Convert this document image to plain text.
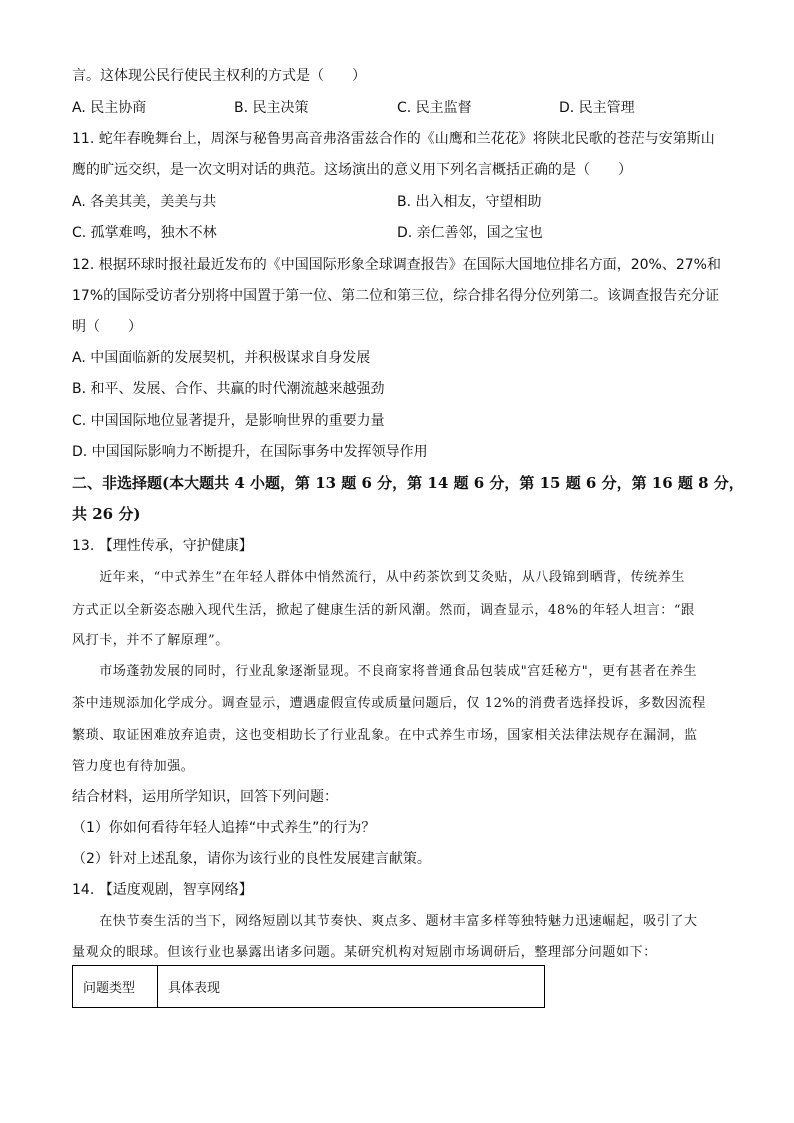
言。这体现公民行使民主权利的方式是（　　）
A. 民主协商	B. 民主决策	C. 民主监督	D. 民主管理
11. 蛇年春晚舞台上，周深与秘鲁男高音弗洛雷兹合作的《山鹰和兰花花》将陕北民歌的苍茫与安第斯山
鹰的旷远交织，是一次文明对话的典范。这场演出的意义用下列名言概括正确的是（　　）
A. 各美其美，美美与共	B. 出入相友，守望相助
C. 孤掌难鸣，独木不林	D. 亲仁善邻，国之宝也
12. 根据环球时报社最近发布的《中国国际形象全球调查报告》在国际大国地位排名方面，20%、27%和
17%的国际受访者分别将中国置于第一位、第二位和第三位，综合排名得分位列第二。该调查报告充分证
明（　　）
A. 中国面临新的发展契机，并积极谋求自身发展
B. 和平、发展、合作、共赢的时代潮流越来越强劲
C. 中国国际地位显著提升，是影响世界的重要力量
D. 中国国际影响力不断提升，在国际事务中发挥领导作用
二、非选择题(本大题共 4 小题，第 13 题 6 分，第 14 题 6 分，第 15 题 6 分，第 16 题 8 分，
共 26 分)
13. 【理性传承，守护健康】
　　近年来，“中式养生”在年轻人群体中悄然流行，从中药茶饮到艾灸贴，从八段锦到晒背，传统养生
方式正以全新姿态融入现代生活，掀起了健康生活的新风潮。然而，调查显示，48%的年轻人坦言：“跟
风打卡，并不了解原理”。
　　市场蓬勃发展的同时，行业乱象逐渐显现。不良商家将普通食品包装成"宫廷秘方"，更有甚者在养生
茶中违规添加化学成分。调查显示，遭遇虚假宣传或质量问题后，仅 12%的消费者选择投诉，多数因流程
繁琐、取证困难放弃追责，这也变相助长了行业乱象。在中式养生市场，国家相关法律法规存在漏洞，监
管力度也有待加强。
结合材料，运用所学知识，回答下列问题：
（1）你如何看待年轻人追捧“中式养生”的行为？
（2）针对上述乱象，请你为该行业的良性发展建言献策。
14. 【适度观剧，智享网络】
　　在快节奏生活的当下，网络短剧以其节奏快、爽点多、题材丰富多样等独特魅力迅速崛起，吸引了大
量观众的眼球。但该行业也暴露出诸多问题。某研究机构对短剧市场调研后，整理部分问题如下：
问题类型	具体表现
